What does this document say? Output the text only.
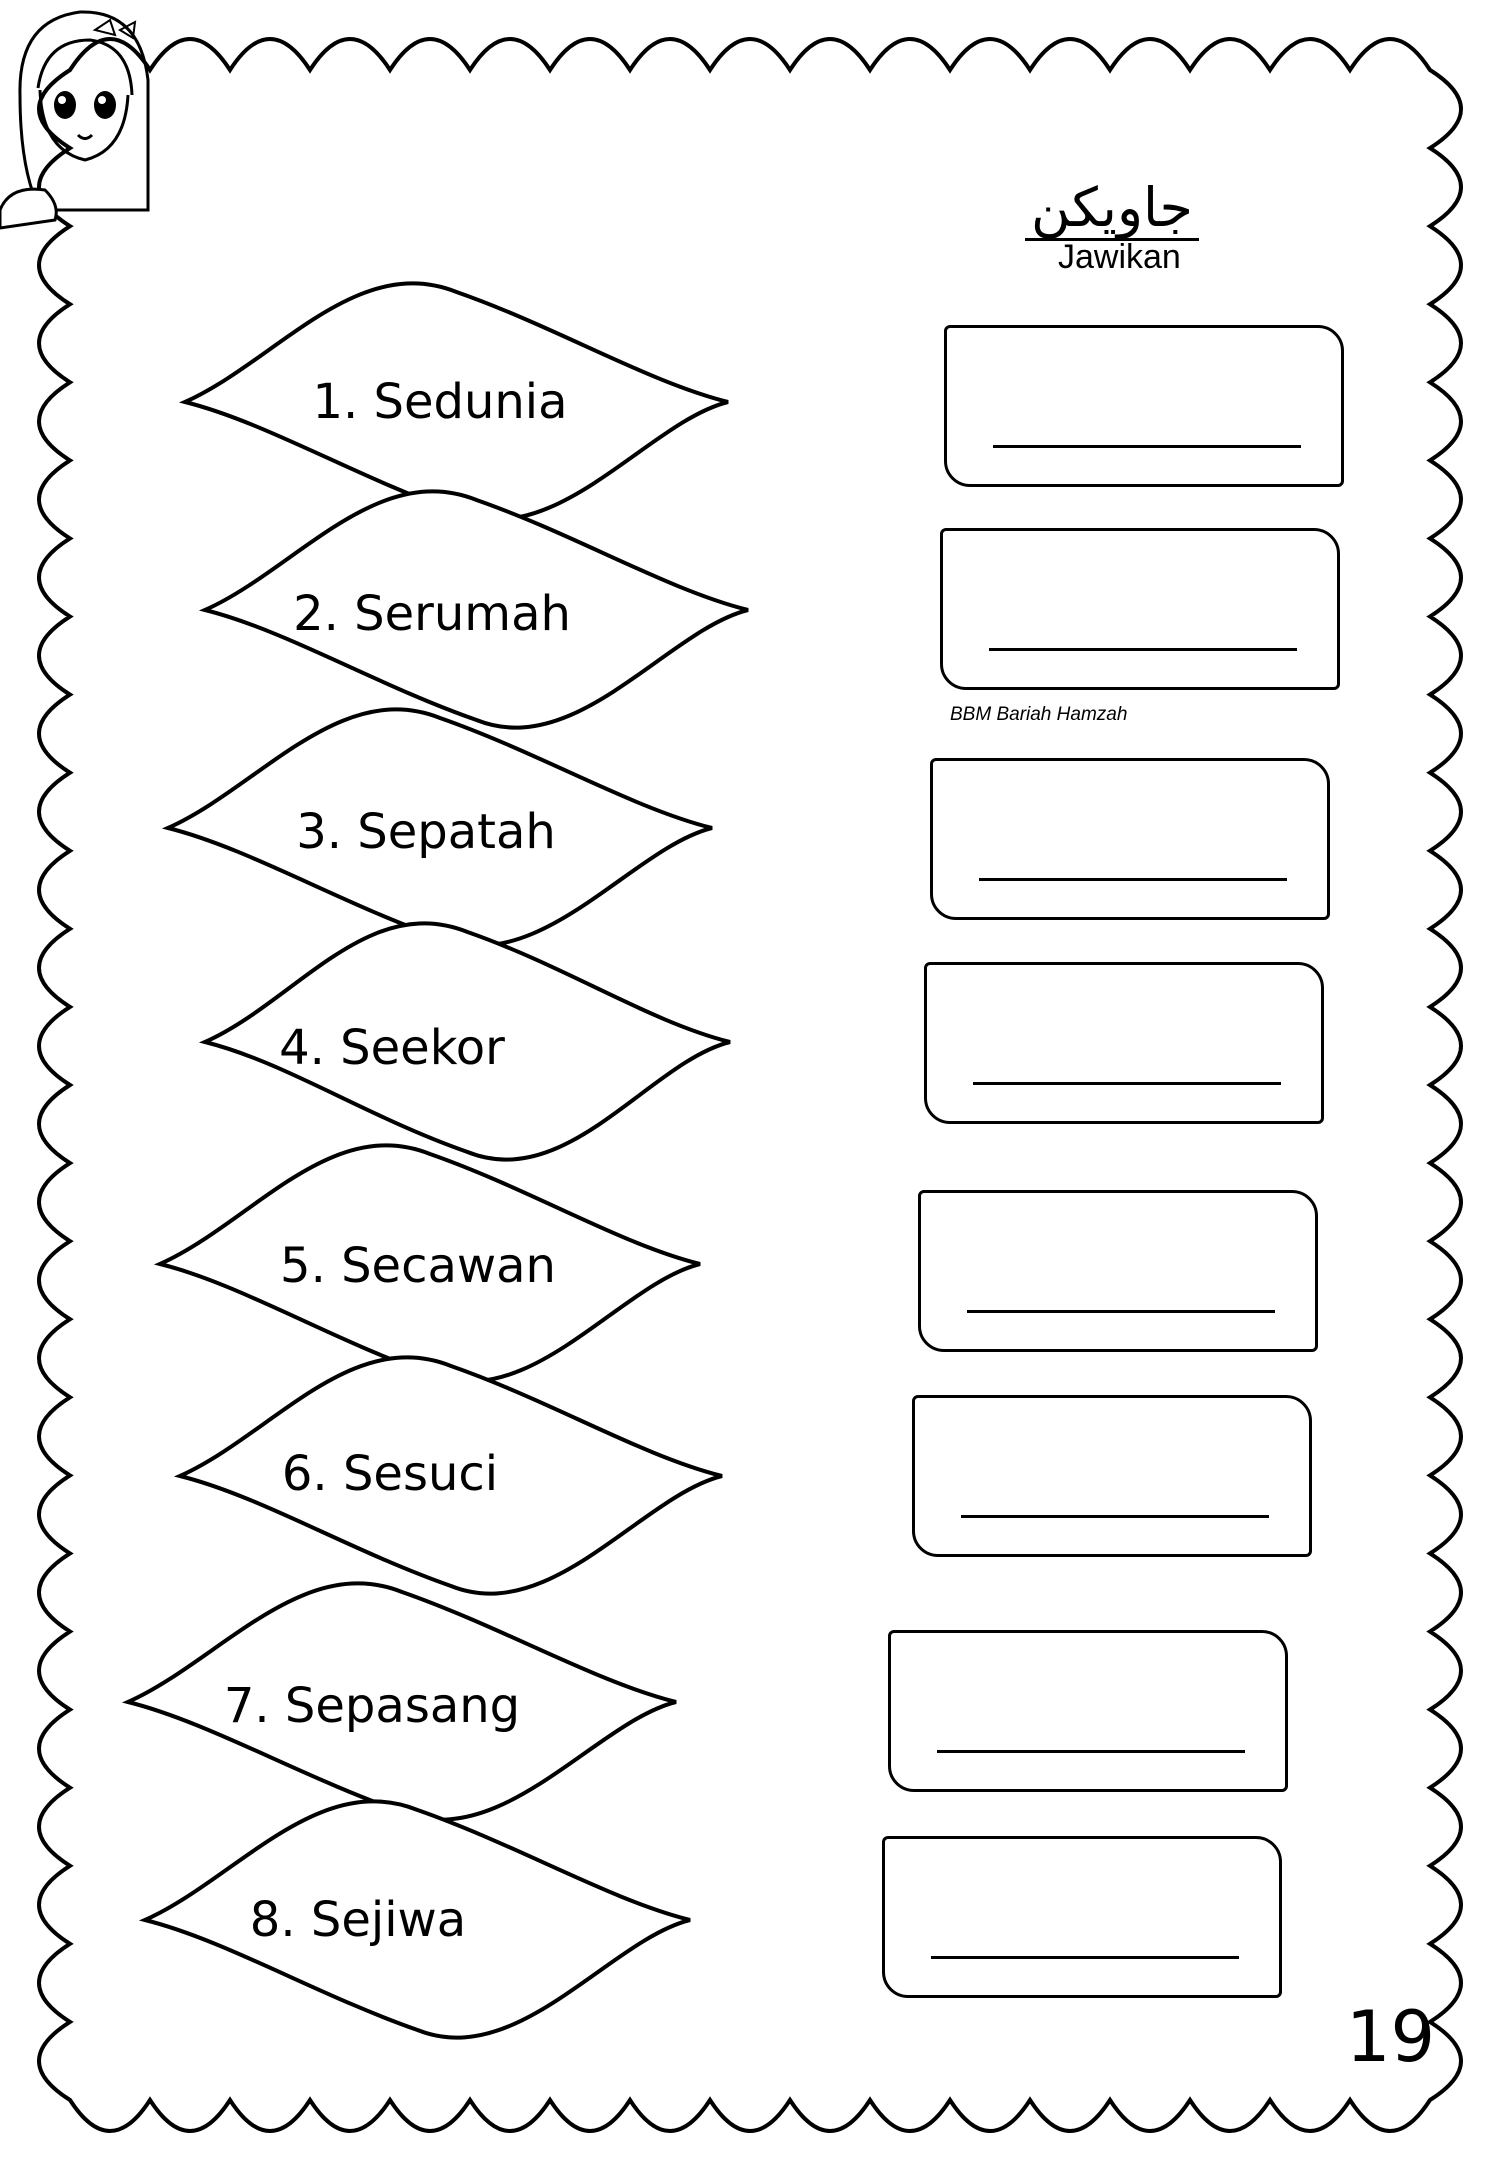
جاويكن
Jawikan
1. Sedunia
2. Serumah
3. Sepatah
4. Seekor
5. Secawan
6. Sesuci
7. Sepasang
8. Sejiwa
BBM Bariah Hamzah
19
